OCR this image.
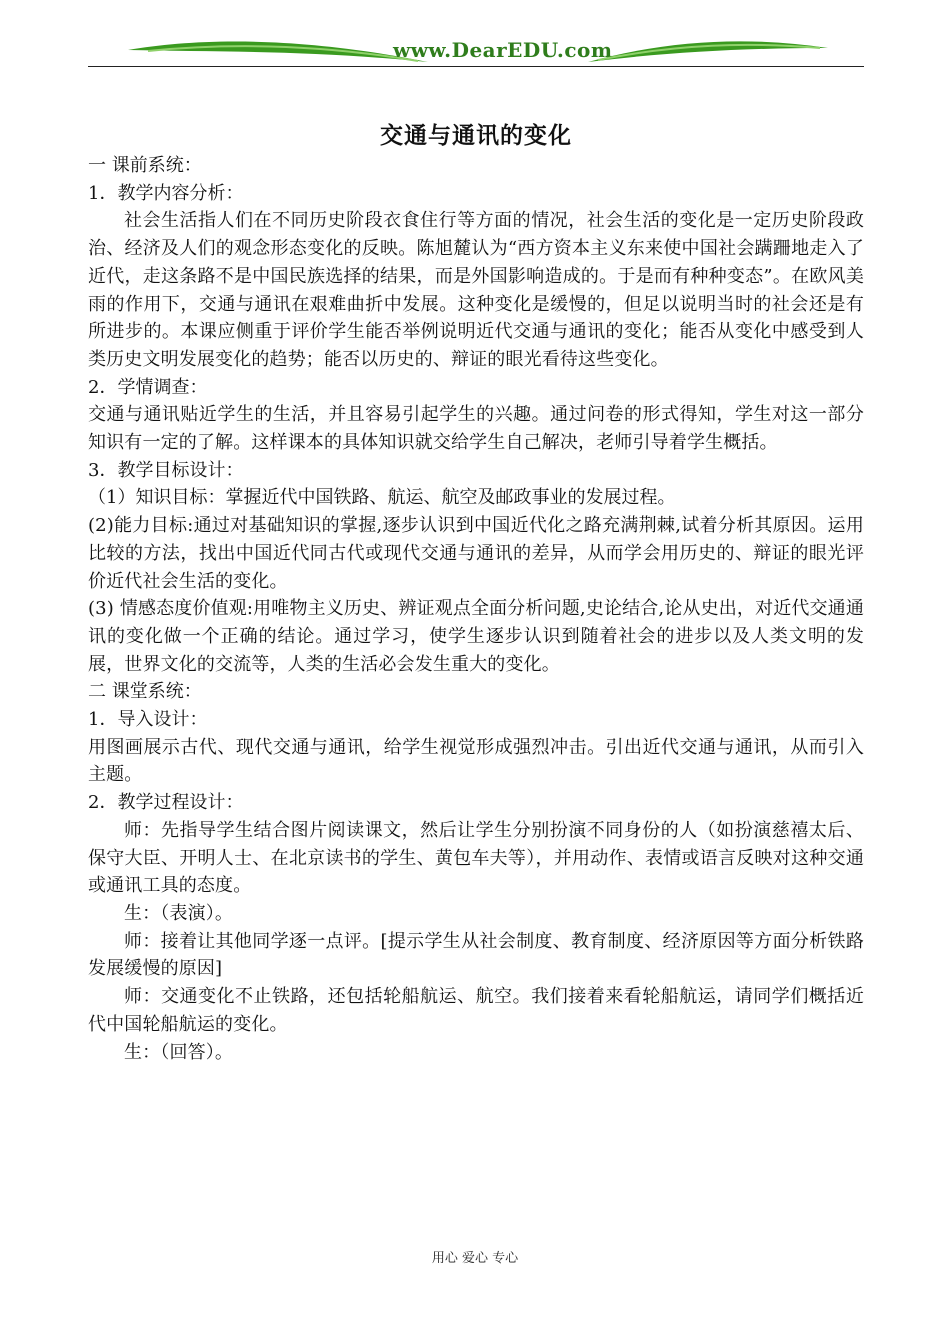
www.DearEDU.com
交通与通讯的变化

一 课前系统：

1．教学内容分析：

社会生活指人们在不同历史阶段衣食住行等方面的情况，社会生活的变化是一定历史阶段政治、经济及人们的观念形态变化的反映。陈旭麓认为“西方资本主义东来使中国社会蹒跚地走入了近代，走这条路不是中国民族选择的结果，而是外国影响造成的。于是而有种种变态”。在欧风美雨的作用下，交通与通讯在艰难曲折中发展。这种变化是缓慢的，但足以说明当时的社会还是有所进步的。本课应侧重于评价学生能否举例说明近代交通与通讯的变化；能否从变化中感受到人类历史文明发展变化的趋势；能否以历史的、辩证的眼光看待这些变化。

2．学情调查：

交通与通讯贴近学生的生活，并且容易引起学生的兴趣。通过问卷的形式得知，学生对这一部分知识有一定的了解。这样课本的具体知识就交给学生自己解决，老师引导着学生概括。

3．教学目标设计：

（1）知识目标：掌握近代中国铁路、航运、航空及邮政事业的发展过程。

(2)能力目标:通过对基础知识的掌握,逐步认识到中国近代化之路充满荆棘,试着分析其原因。运用比较的方法，找出中国近代同古代或现代交通与通讯的差异，从而学会用历史的、辩证的眼光评价近代社会生活的变化。

(3) 情感态度价值观:用唯物主义历史、辨证观点全面分析问题,史论结合,论从史出，对近代交通通讯的变化做一个正确的结论。通过学习，使学生逐步认识到随着社会的进步以及人类文明的发展，世界文化的交流等，人类的生活必会发生重大的变化。

二 课堂系统：

1．导入设计：

用图画展示古代、现代交通与通讯，给学生视觉形成强烈冲击。引出近代交通与通讯，从而引入主题。

2．教学过程设计：

师：先指导学生结合图片阅读课文，然后让学生分别扮演不同身份的人（如扮演慈禧太后、保守大臣、开明人士、在北京读书的学生、黄包车夫等），并用动作、表情或语言反映对这种交通或通讯工具的态度。

生：（表演）。

师：接着让其他同学逐一点评。[提示学生从社会制度、教育制度、经济原因等方面分析铁路发展缓慢的原因]

师：交通变化不止铁路，还包括轮船航运、航空。我们接着来看轮船航运，请同学们概括近代中国轮船航运的变化。

生：（回答）。

用心 爱心 专心
